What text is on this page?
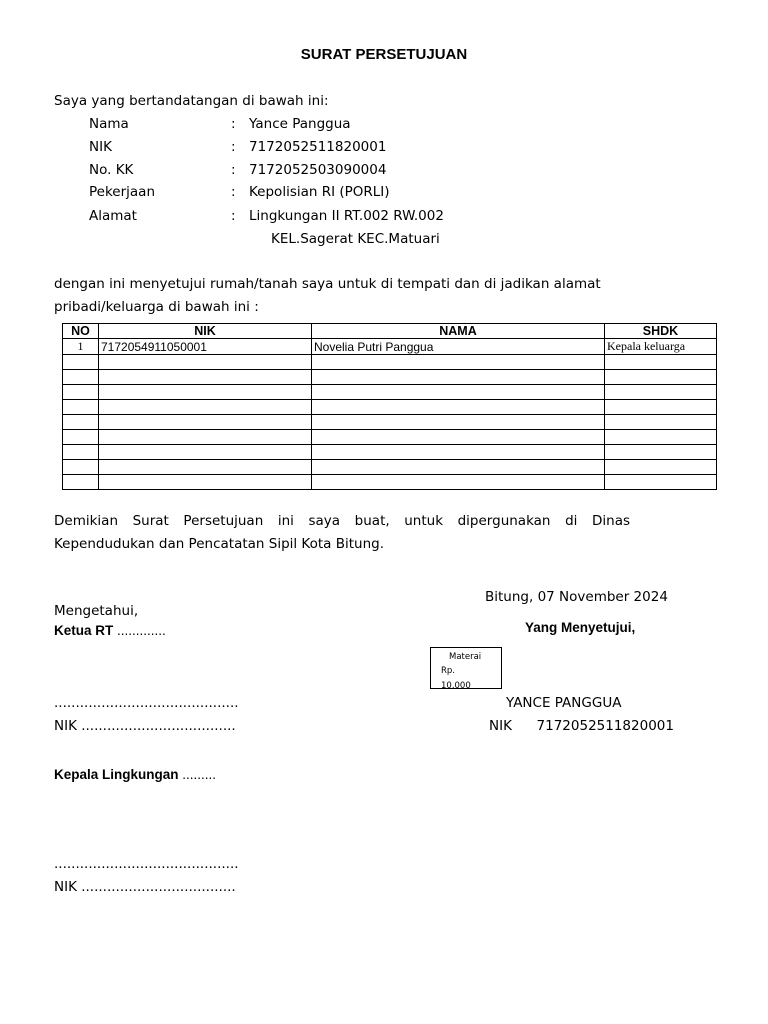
SURAT PERSETUJUAN
Saya yang bertandatangan di bawah ini:
Nama	: Yance Panggua
NIK	: 7172052511820001
No. KK	: 7172052503090004
Pekerjaan	: Kepolisian RI (PORLI)
Alamat	: Lingkungan II RT.002 RW.002
KEL.Sagerat KEC.Matuari
dengan ini menyetujui rumah/tanah saya untuk di tempati dan di jadikan alamat
pribadi/keluarga di bawah ini :
NO	NIK	NAMA	SHDK
1	7172054911050001	Novelia Putri Panggua	Kepala keluarga

Demikian Surat Persetujuan ini saya buat, untuk dipergunakan di Dinas
Kependudukan dan Pencatatan Sipil Kota Bitung.
Bitung, 07 November 2024
Mengetahui,
Ketua RT .............	Yang Menyetujui,
Materai
Rp.
10.000
...........................................
NIK ....................................
YANCE PANGGUA
NIK 7172052511820001
Kepala Lingkungan .........
...........................................
NIK ....................................
